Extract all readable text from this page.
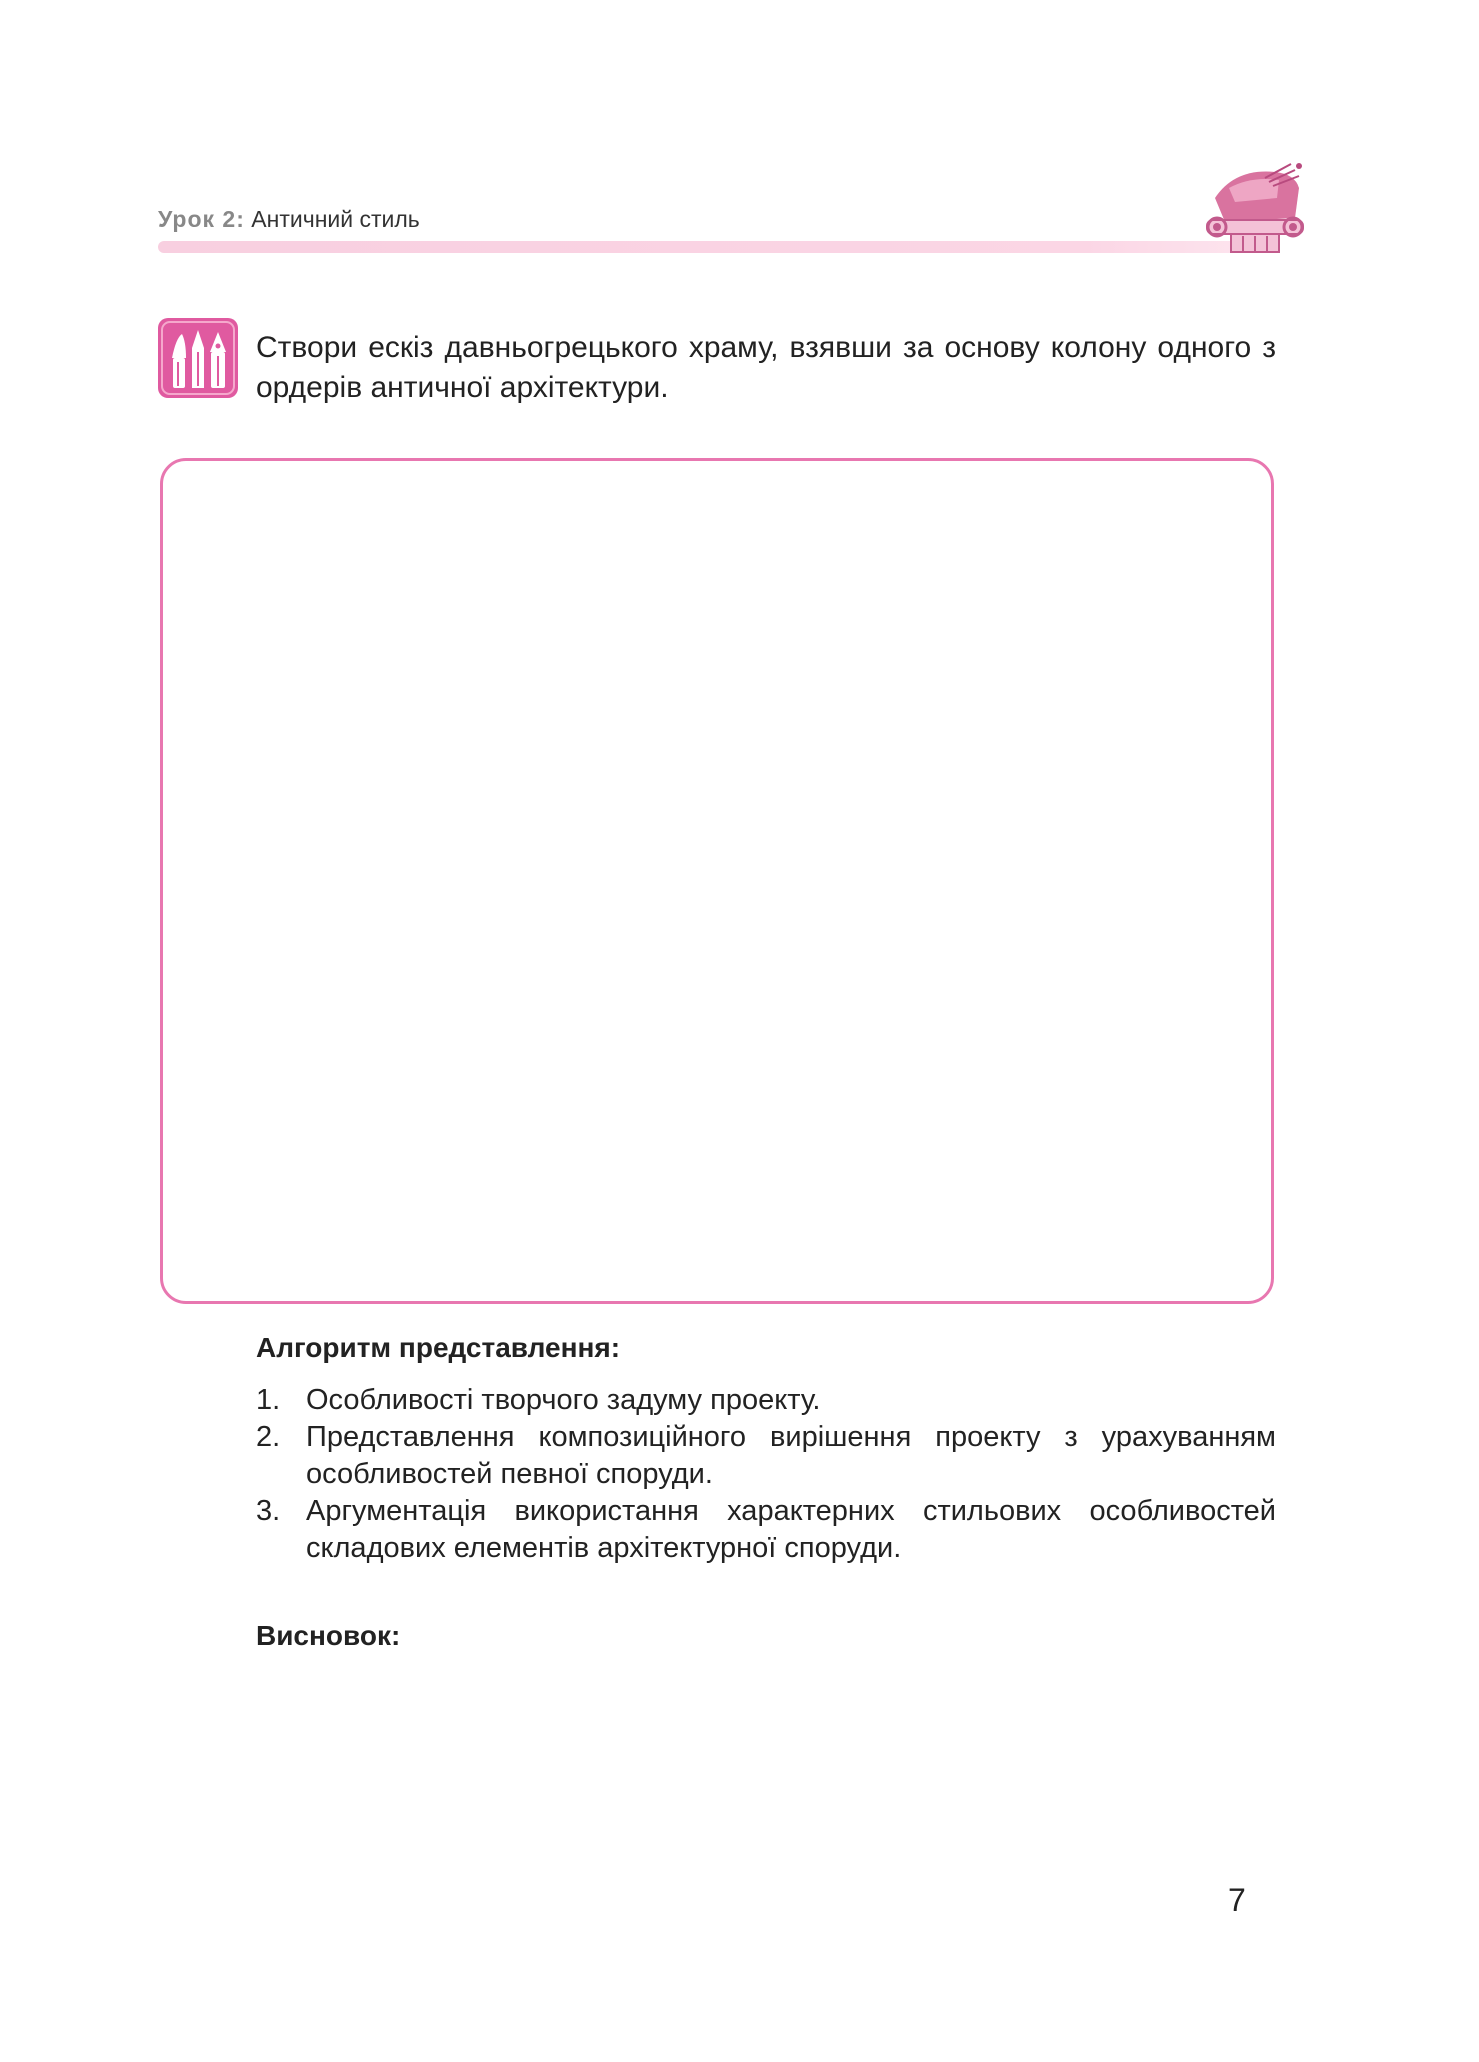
Урок 2: Античний стиль
Створи ескіз давньогрецького храму, взявши за основу колону одного з ордерів античної архітектури.
Алгоритм представлення:
1. Особливості творчого задуму проекту.
2. Представлення композиційного вирішення проекту з урахуванням особливостей певної споруди.
3. Аргументація використання характерних стильових особливостей складових елементів архітектурної споруди.
Висновок:
7
